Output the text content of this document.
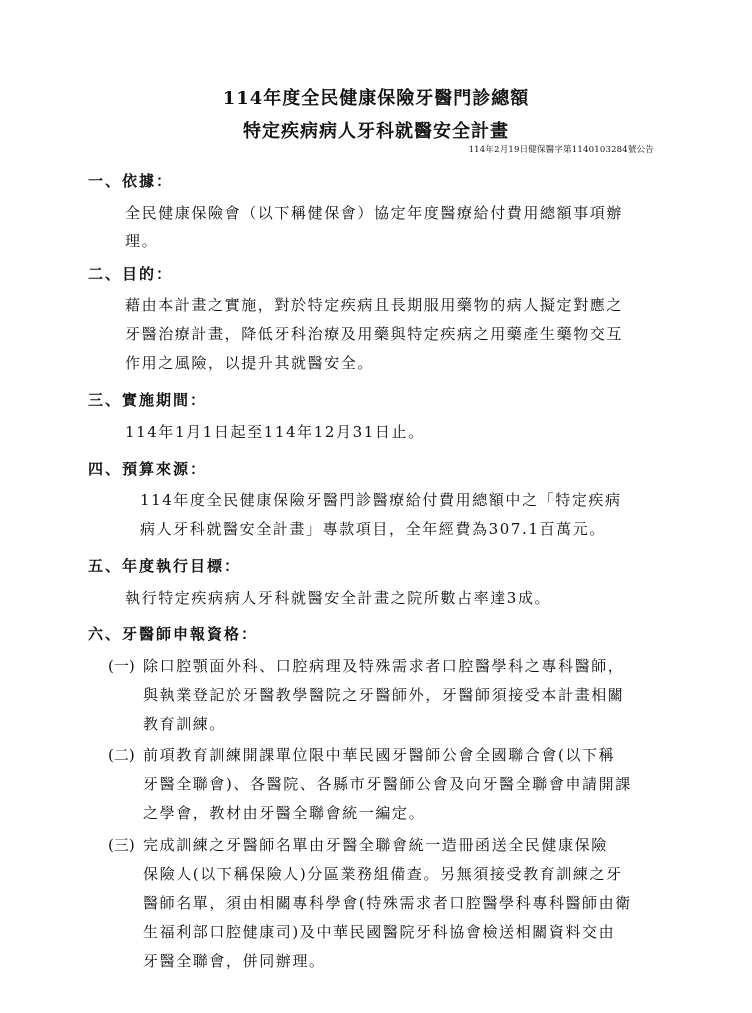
114年度全民健康保險牙醫門診總額
特定疾病病人牙科就醫安全計畫
114年2月19日健保醫字第1140103284號公告
一、依據：
全民健康保險會（以下稱健保會）協定年度醫療給付費用總額事項辦
理。
二、目的：
藉由本計畫之實施，對於特定疾病且長期服用藥物的病人擬定對應之
牙醫治療計畫，降低牙科治療及用藥與特定疾病之用藥產生藥物交互
作用之風險，以提升其就醫安全。
三、實施期間：
114年1月1日起至114年12月31日止。
四、預算來源：
114年度全民健康保險牙醫門診醫療給付費用總額中之「特定疾病
病人牙科就醫安全計畫」專款項目，全年經費為307.1百萬元。
五、年度執行目標：
執行特定疾病病人牙科就醫安全計畫之院所數占率達3成。
六、牙醫師申報資格：
(一) 除口腔顎面外科、口腔病理及特殊需求者口腔醫學科之專科醫師，
與執業登記於牙醫教學醫院之牙醫師外，牙醫師須接受本計畫相關
教育訓練。
(二) 前項教育訓練開課單位限中華民國牙醫師公會全國聯合會(以下稱
牙醫全聯會)、各醫院、各縣市牙醫師公會及向牙醫全聯會申請開課
之學會，教材由牙醫全聯會統一編定。
(三) 完成訓練之牙醫師名單由牙醫全聯會統一造冊函送全民健康保險
保險人(以下稱保險人)分區業務組備查。另無須接受教育訓練之牙
醫師名單，須由相關專科學會(特殊需求者口腔醫學科專科醫師由衛
生福利部口腔健康司)及中華民國醫院牙科協會檢送相關資料交由
牙醫全聯會，併同辦理。
